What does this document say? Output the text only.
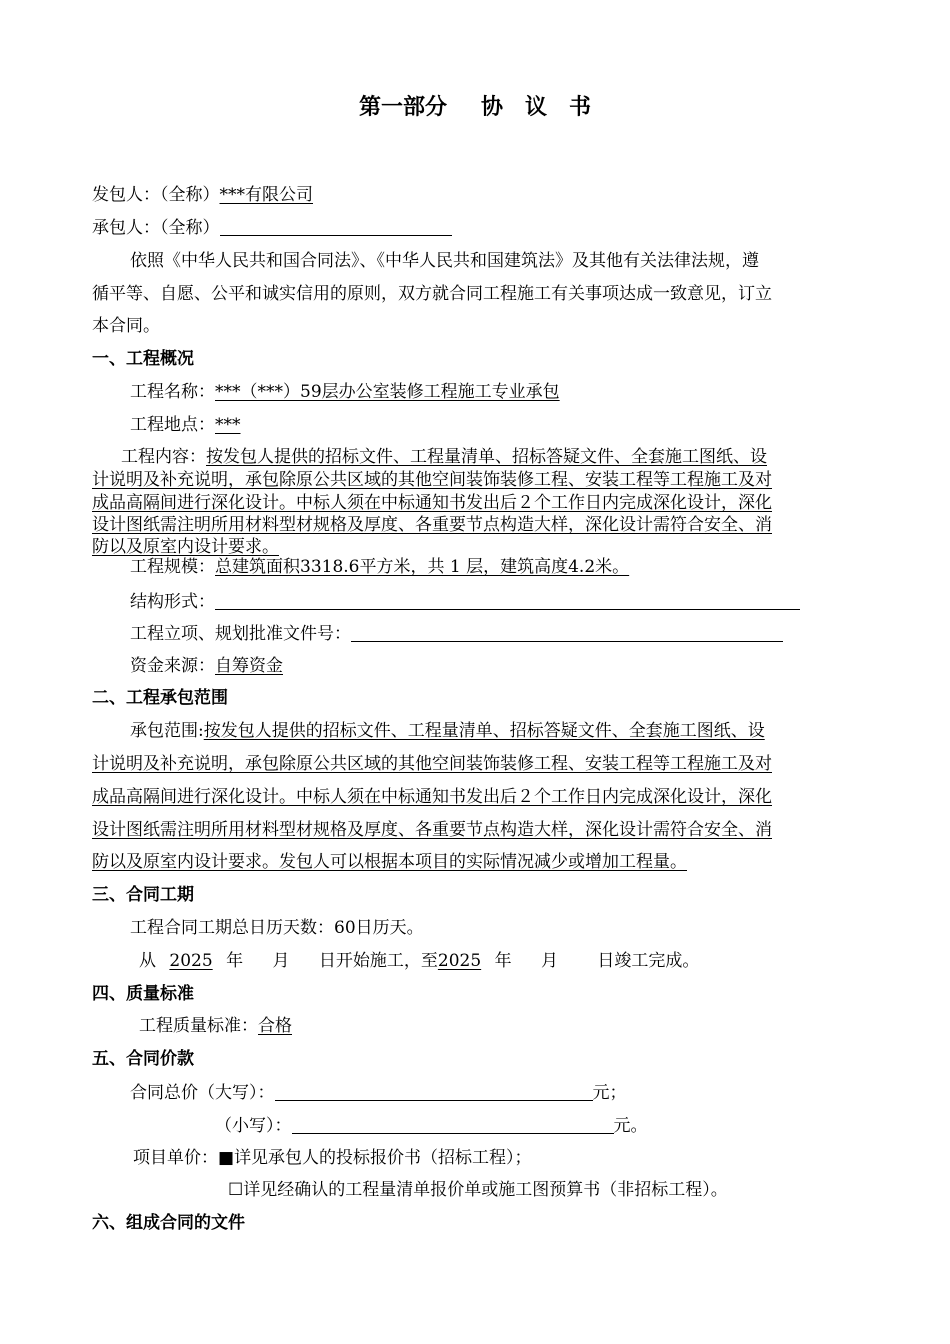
第一部分 协 议 书
发包人：（全称）***有限公司
承包人：（全称）
依照《中华人民共和国合同法》、《中华人民共和国建筑法》及其他有关法律法规，遵
循平等、自愿、公平和诚实信用的原则，双方就合同工程施工有关事项达成一致意见，订立
本合同。
一、工程概况
工程名称：***（***）59层办公室装修工程施工专业承包
工程地点：***
工程内容：按发包人提供的招标文件、工程量清单、招标答疑文件、全套施工图纸、设
计说明及补充说明，承包除原公共区域的其他空间装饰装修工程、安装工程等工程施工及对
成品高隔间进行深化设计。中标人须在中标通知书发出后２个工作日内完成深化设计，深化
设计图纸需注明所用材料型材规格及厚度、各重要节点构造大样，深化设计需符合安全、消
防以及原室内设计要求。
工程规模：总建筑面积3318.6平方米，共 1 层，建筑高度4.2米。
结构形式：
工程立项、规划批准文件号：
资金来源：自筹资金
二、工程承包范围
承包范围:按发包人提供的招标文件、工程量清单、招标答疑文件、全套施工图纸、设
计说明及补充说明，承包除原公共区域的其他空间装饰装修工程、安装工程等工程施工及对
成品高隔间进行深化设计。中标人须在中标通知书发出后２个工作日内完成深化设计，深化
设计图纸需注明所用材料型材规格及厚度、各重要节点构造大样，深化设计需符合安全、消
防以及原室内设计要求。发包人可以根据本项目的实际情况减少或增加工程量。
三、合同工期
工程合同工期总日历天数：60日历天。
从 2025 年 月 日开始施工，至2025 年 月 日竣工完成。
四、质量标准
工程质量标准：合格
五、合同价款
合同总价（大写）：	元；
（小写）：	元。
项目单价：■详见承包人的投标报价书（招标工程）；
☐详见经确认的工程量清单报价单或施工图预算书（非招标工程）。
六、组成合同的文件
